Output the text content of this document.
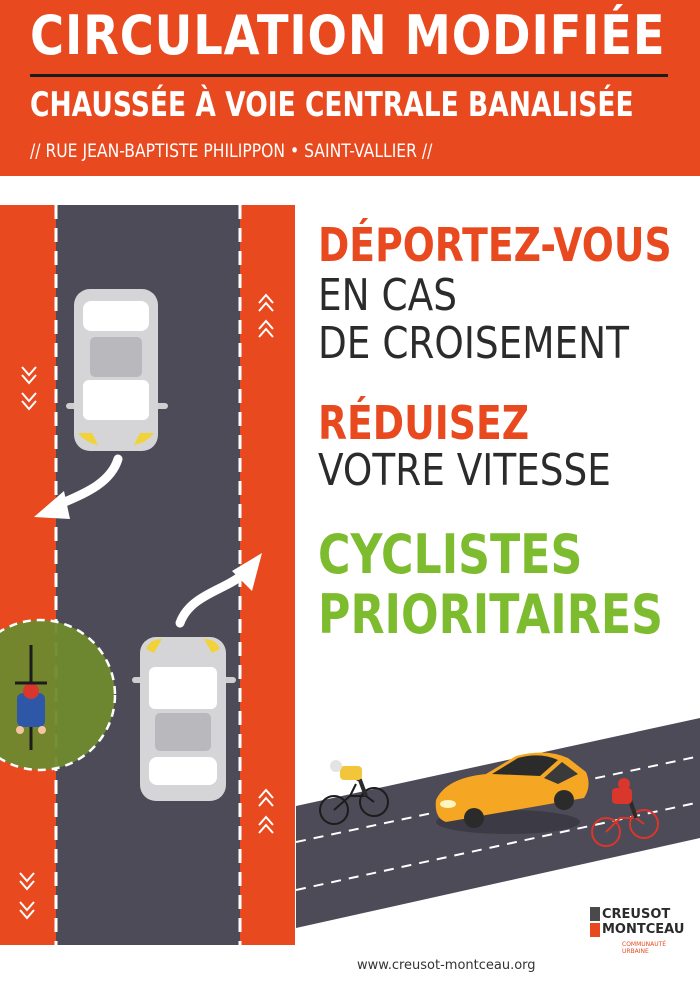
CIRCULATION MODIFIÉE
CHAUSSÉE À VOIE CENTRALE BANALISÉE
// RUE JEAN-BAPTISTE PHILIPPON • SAINT-VALLIER //
DÉPORTEZ-VOUS
EN CAS
DE CROISEMENT
RÉDUISEZ
VOTRE VITESSE
CYCLISTES
PRIORITAIRES
CREUSOT
MONTCEAU
COMMUNAUTÉ URBAINE
www.creusot-montceau.org
